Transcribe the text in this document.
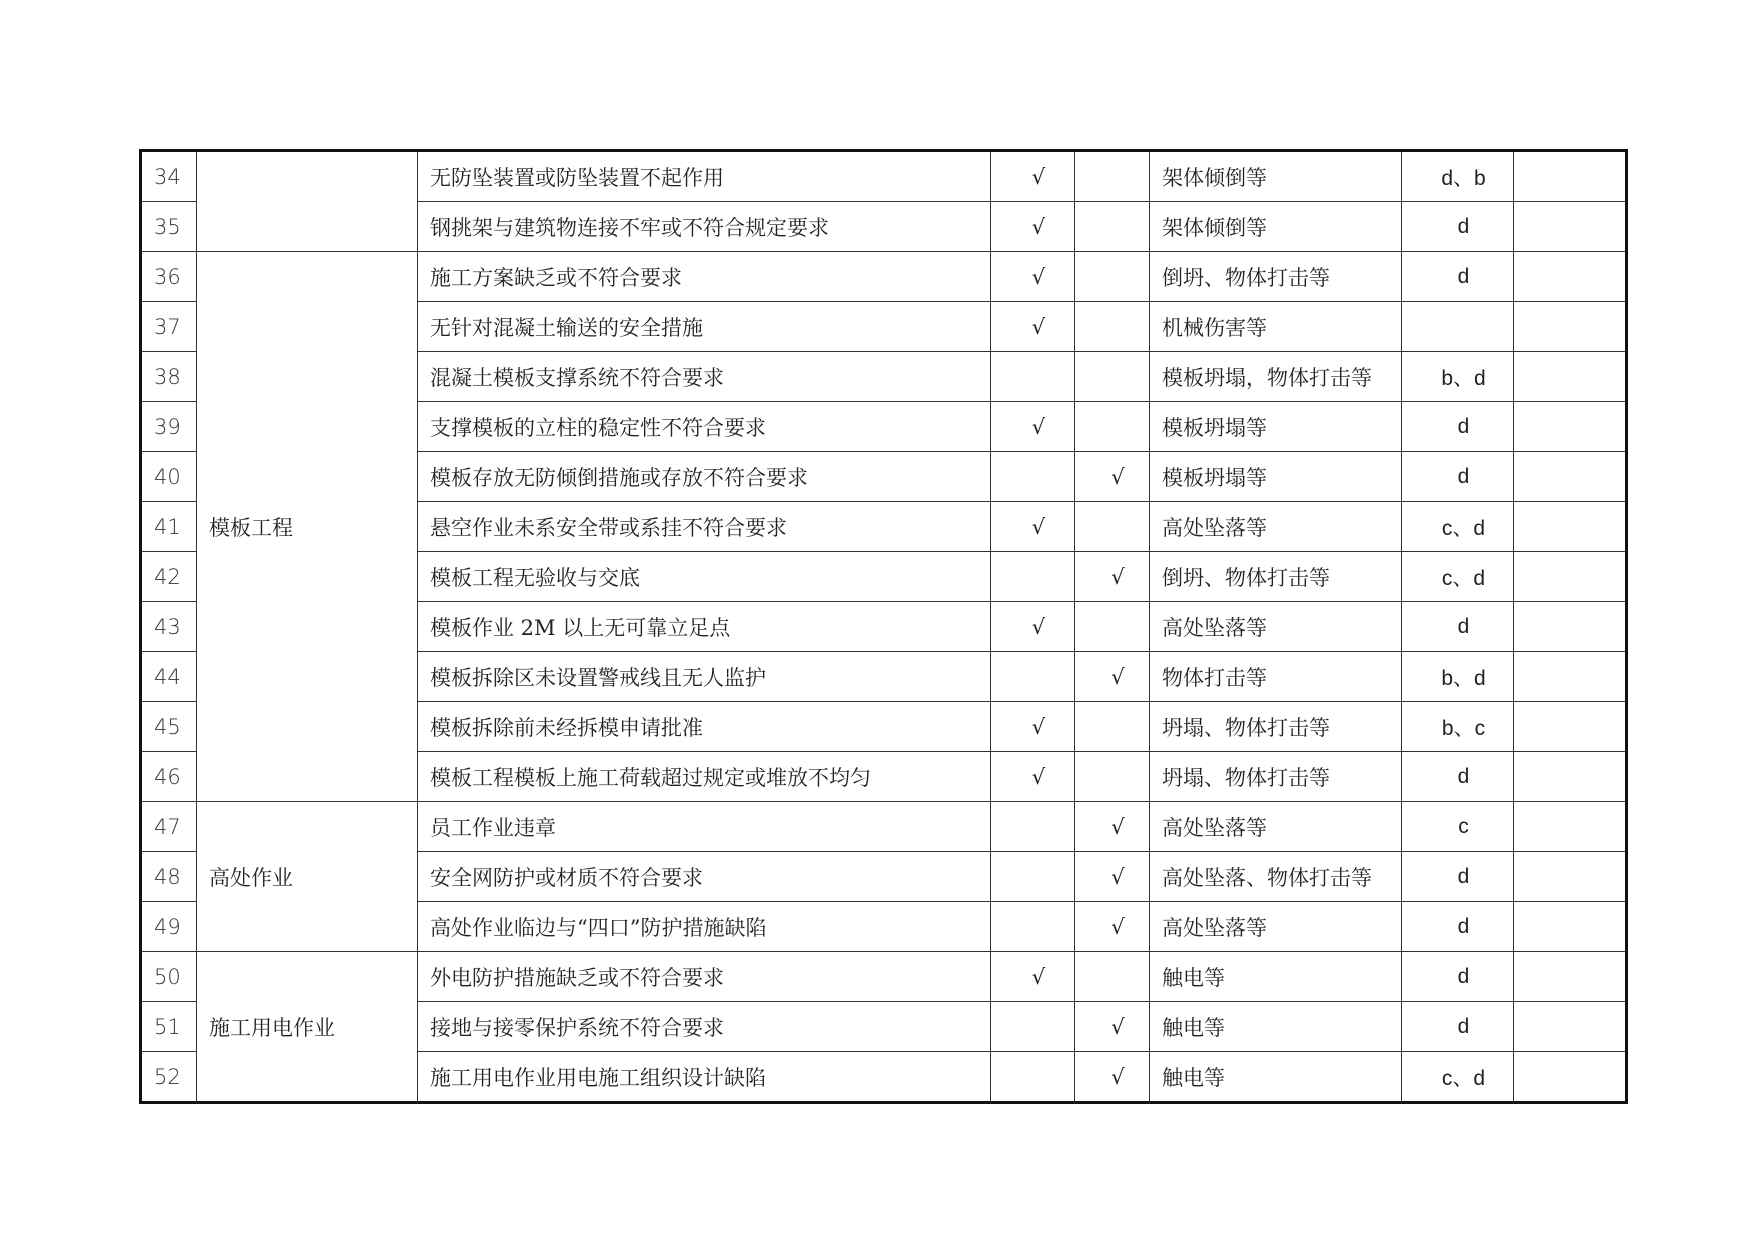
34		无防坠装置或防坠装置不起作用	√		架体倾倒等	d、b	
35		钢挑架与建筑物连接不牢或不符合规定要求	√		架体倾倒等	d	
36	模板工程	施工方案缺乏或不符合要求	√		倒坍、物体打击等	d	
37		无针对混凝土输送的安全措施	√		机械伤害等		
38		混凝土模板支撑系统不符合要求			模板坍塌，物体打击等	b、d	
39		支撑模板的立柱的稳定性不符合要求	√		模板坍塌等	d	
40		模板存放无防倾倒措施或存放不符合要求		√	模板坍塌等	d	
41		悬空作业未系安全带或系挂不符合要求	√		高处坠落等	c、d	
42		模板工程无验收与交底		√	倒坍、物体打击等	c、d	
43		模板作业 2M 以上无可靠立足点	√		高处坠落等	d	
44		模板拆除区未设置警戒线且无人监护		√	物体打击等	b、d	
45		模板拆除前未经拆模申请批准	√		坍塌、物体打击等	b、c	
46		模板工程模板上施工荷载超过规定或堆放不均匀	√		坍塌、物体打击等	d	
47	高处作业	员工作业违章		√	高处坠落等	c	
48		安全网防护或材质不符合要求		√	高处坠落、物体打击等	d	
49		高处作业临边与“四口”防护措施缺陷		√	高处坠落等	d	
50	施工用电作业	外电防护措施缺乏或不符合要求	√		触电等	d	
51		接地与接零保护系统不符合要求		√	触电等	d	
52		施工用电作业用电施工组织设计缺陷		√	触电等	c、d	
